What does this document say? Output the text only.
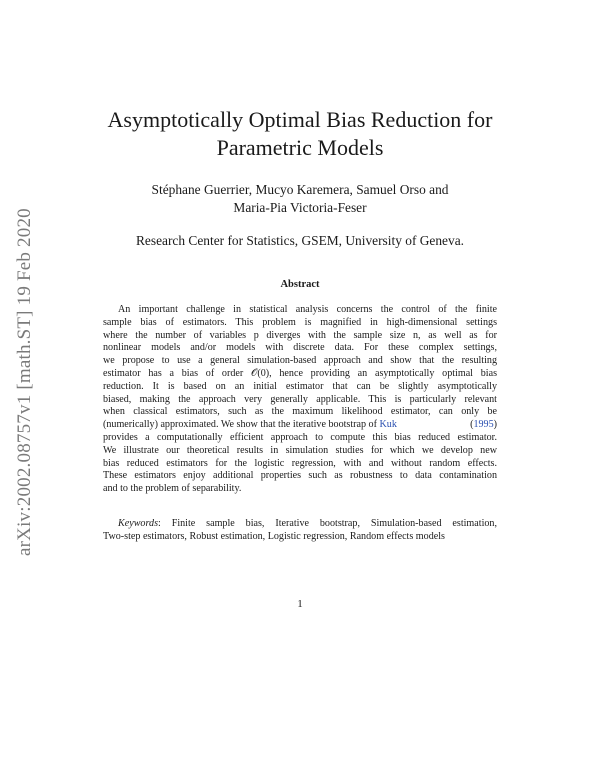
arXiv:2002.08757v1 [math.ST] 19 Feb 2020
Asymptotically Optimal Bias Reduction for
Parametric Models
Stéphane Guerrier, Mucyo Karemera, Samuel Orso and
Maria-Pia Victoria-Feser
Research Center for Statistics, GSEM, University of Geneva.
Abstract
An important challenge in statistical analysis concerns the control of the finite
sample bias of estimators. This problem is magnified in high-dimensional settings
where the number of variables p diverges with the sample size n, as well as for
nonlinear models and/or models with discrete data. For these complex settings,
we propose to use a general simulation-based approach and show that the resulting
estimator has a bias of order 𝒪(0), hence providing an asymptotically optimal bias
reduction. It is based on an initial estimator that can be slightly asymptotically
biased, making the approach very generally applicable. This is particularly relevant
when classical estimators, such as the maximum likelihood estimator, can only be
(numerically) approximated. We show that the iterative bootstrap of Kuk	(1995)
provides a computationally efficient approach to compute this bias reduced estimator.
We illustrate our theoretical results in simulation studies for which we develop new
bias reduced estimators for the logistic regression, with and without random effects.
These estimators enjoy additional properties such as robustness to data contamination
and to the problem of separability.
Keywords: Finite sample bias, Iterative bootstrap, Simulation-based estimation,
Two-step estimators, Robust estimation, Logistic regression, Random effects models
1
